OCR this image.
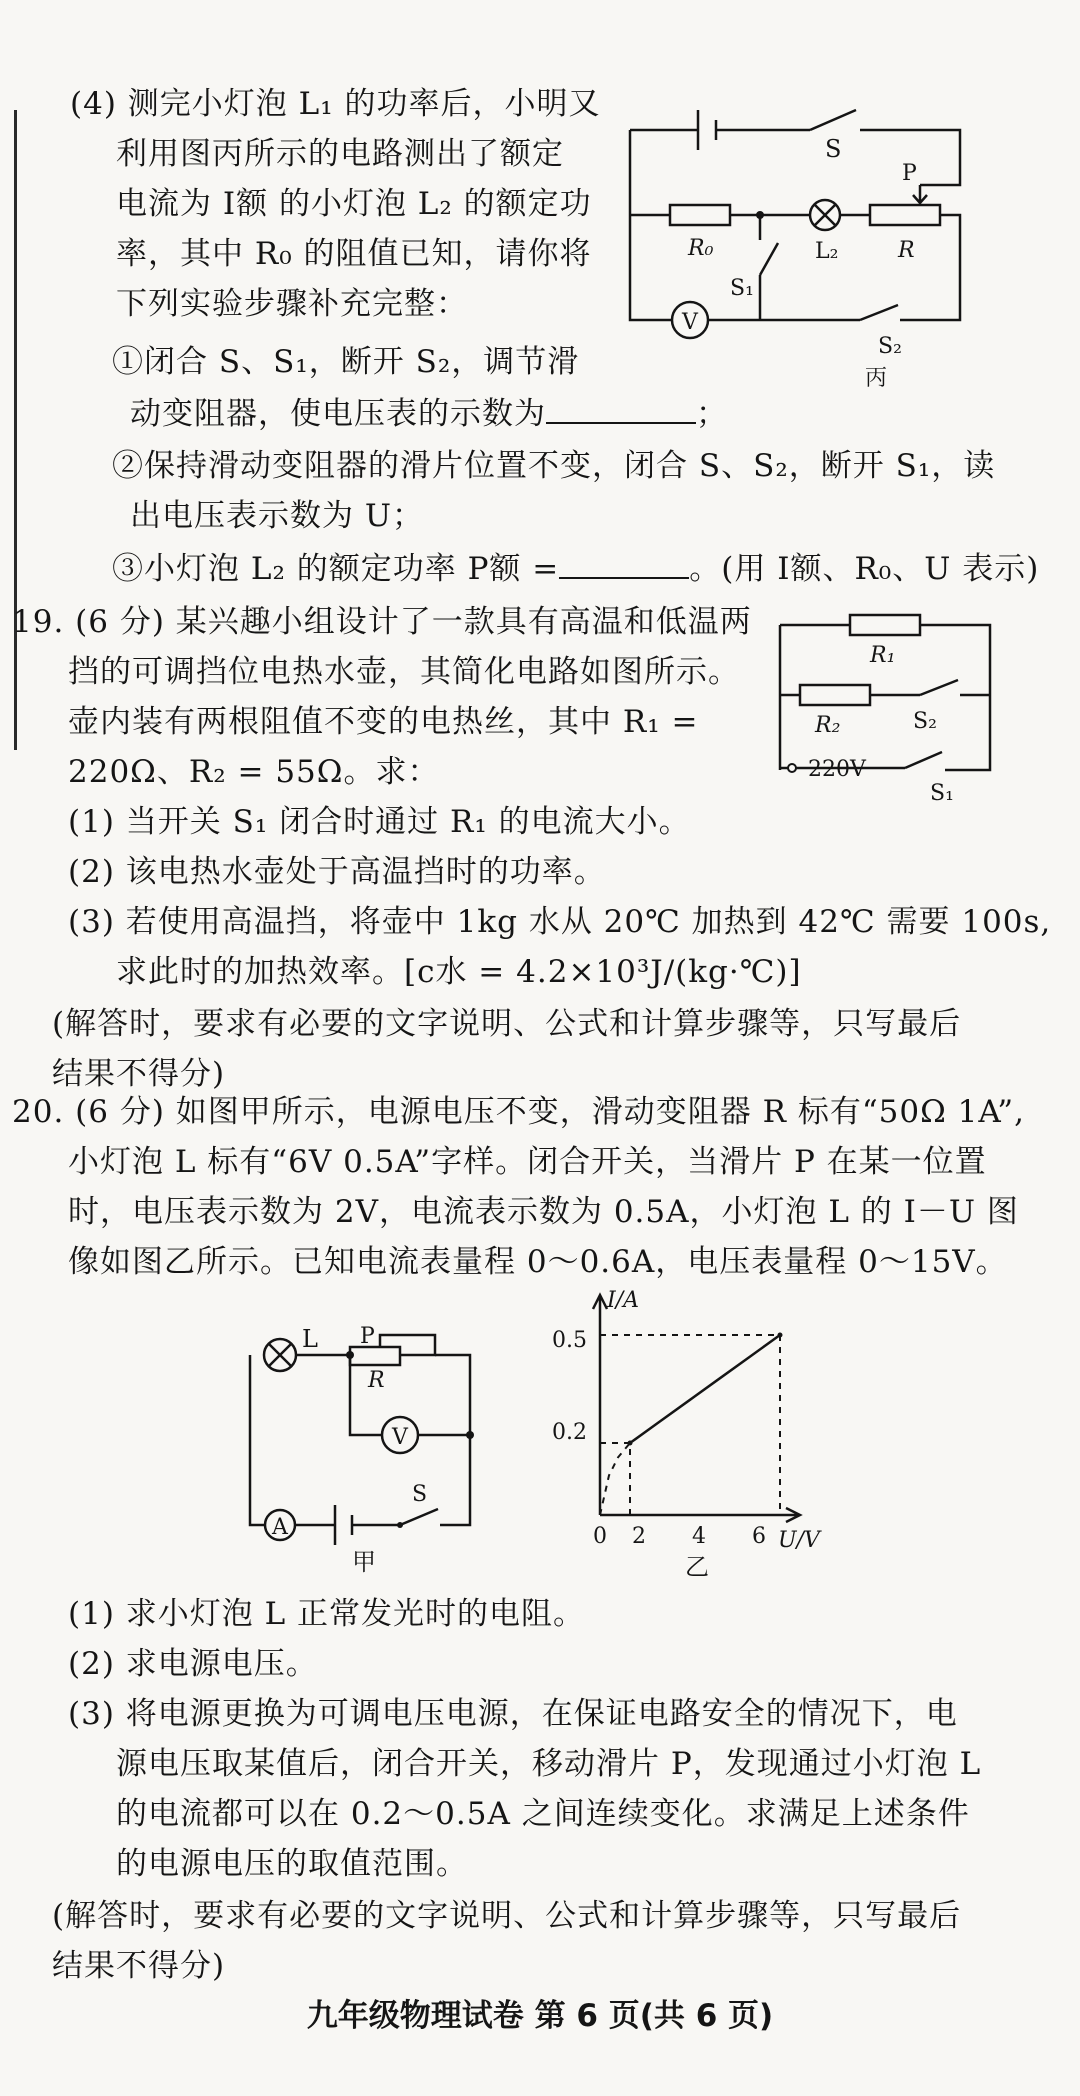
(4) 测完小灯泡 L₁ 的功率后，小明又
利用图丙所示的电路测出了额定
电流为 I额 的小灯泡 L₂ 的额定功
率，其中 R₀ 的阻值已知，请你将
下列实验步骤补充完整：
①闭合 S、S₁，断开 S₂，调节滑
动变阻器，使电压表的示数为	；
②保持滑动变阻器的滑片位置不变，闭合 S、S₂，断开 S₁，读
出电压表示数为 U；
③小灯泡 L₂ 的额定功率 P额 =	。(用 I额、R₀、U 表示)
S
V
R₀	L₂
P
R
S₁
S₂
丙
19. (6 分) 某兴趣小组设计了一款具有高温和低温两
挡的可调挡位电热水壶，其简化电路如图所示。
壶内装有两根阻值不变的电热丝，其中 R₁ =
220Ω、R₂ = 55Ω。求：
(1) 当开关 S₁ 闭合时通过 R₁ 的电流大小。
(2) 该电热水壶处于高温挡时的功率。
(3) 若使用高温挡，将壶中 1kg 水从 20℃ 加热到 42℃ 需要 100s,
求此时的加热效率。[c水 = 4.2×10³J/(kg·℃)]
(解答时，要求有必要的文字说明、公式和计算步骤等，只写最后
结果不得分)
R₁
R₂	S₂
220V
S₁
20. (6 分) 如图甲所示，电源电压不变，滑动变阻器 R 标有“50Ω 1A”,
小灯泡 L 标有“6V 0.5A”字样。闭合开关，当滑片 P 在某一位置
时，电压表示数为 2V，电流表示数为 0.5A，小灯泡 L 的 I－U 图
像如图乙所示。已知电流表量程 0～0.6A，电压表量程 0～15V。
L P
R
V
A
S
甲
I/A
U/V
0.5
0.2
0 2 4 6
乙
(1) 求小灯泡 L 正常发光时的电阻。
(2) 求电源电压。
(3) 将电源更换为可调电压电源，在保证电路安全的情况下，电
源电压取某值后，闭合开关，移动滑片 P，发现通过小灯泡 L
的电流都可以在 0.2～0.5A 之间连续变化。求满足上述条件
的电源电压的取值范围。
(解答时，要求有必要的文字说明、公式和计算步骤等，只写最后
结果不得分)
九年级物理试卷 第 6 页(共 6 页)
